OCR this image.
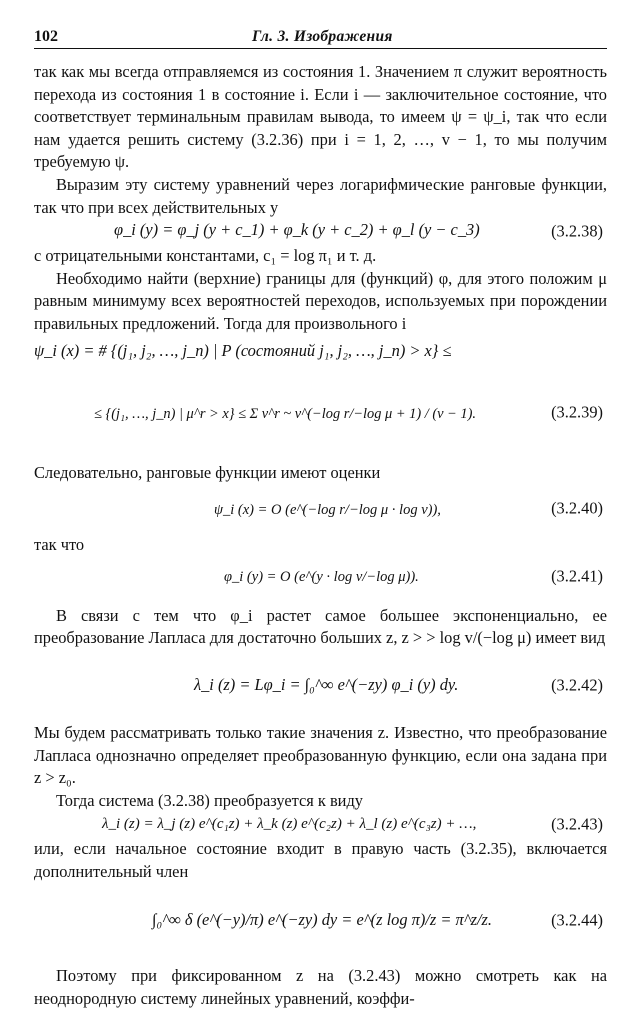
102	Гл. 3. Изображения

так как мы всегда отправляемся из состояния 1. Значением π служит вероятность перехода из состояния 1 в состояние i. Если i — заключительное состояние, что соответствует терминальным правилам вывода, то имеем ψ = ψ_i, так что если нам удается решить систему (3.2.36) при i = 1, 2, …, v − 1, то мы получим требуемую ψ.

Выразим эту систему уравнений через логарифмические ранговые функции, так что при всех действительных y

φ_i (y) = φ_j (y + c_1) + φ_k (y + c_2) + φ_l (y − c_3)	(3.2.38)

с отрицательными константами, c₁ = log π₁ и т. д.

Необходимо найти (верхние) границы для (функций) φ, для этого положим μ равным минимуму всех вероятностей переходов, используемых при порождении правильных предложений. Тогда для произвольного i

ψ_i (x) = # {(j₁, j₂, …, j_n) | P (состояний j₁, j₂, …, j_n) > x} ≤
≤ {(j₁, …, j_n) | μ^r > x} ≤ Σ v^r ~ v^(−log r/−log μ + 1) / (v − 1).	(3.2.39)

Следовательно, ранговые функции имеют оценки

ψ_i (x) = O (e^(−log r/−log μ · log v)),	(3.2.40)

так что

φ_i (y) = O (e^(y · log v/−log μ)).	(3.2.41)

В связи с тем что φ_i растет самое большее экспоненциально, ее преобразование Лапласа для достаточно больших z, z > > log v/(−log μ) имеет вид

λ_i (z) = Lφ_i = ∫₀^∞ e^(−zy) φ_i (y) dy.	(3.2.42)

Мы будем рассматривать только такие значения z. Известно, что преобразование Лапласа однозначно определяет преобразованную функцию, если она задана при z > z₀.

Тогда система (3.2.38) преобразуется к виду

λ_i (z) = λ_j (z) e^(c₁z) + λ_k (z) e^(c₂z) + λ_l (z) e^(c₃z) + …,	(3.2.43)

или, если начальное состояние входит в правую часть (3.2.35), включается дополнительный член

∫₀^∞ δ (e^(−y)/π) e^(−zy) dy = e^(z log π)/z = π^z/z.	(3.2.44)

Поэтому при фиксированном z на (3.2.43) можно смотреть как на неоднородную систему линейных уравнений, коэффи-
